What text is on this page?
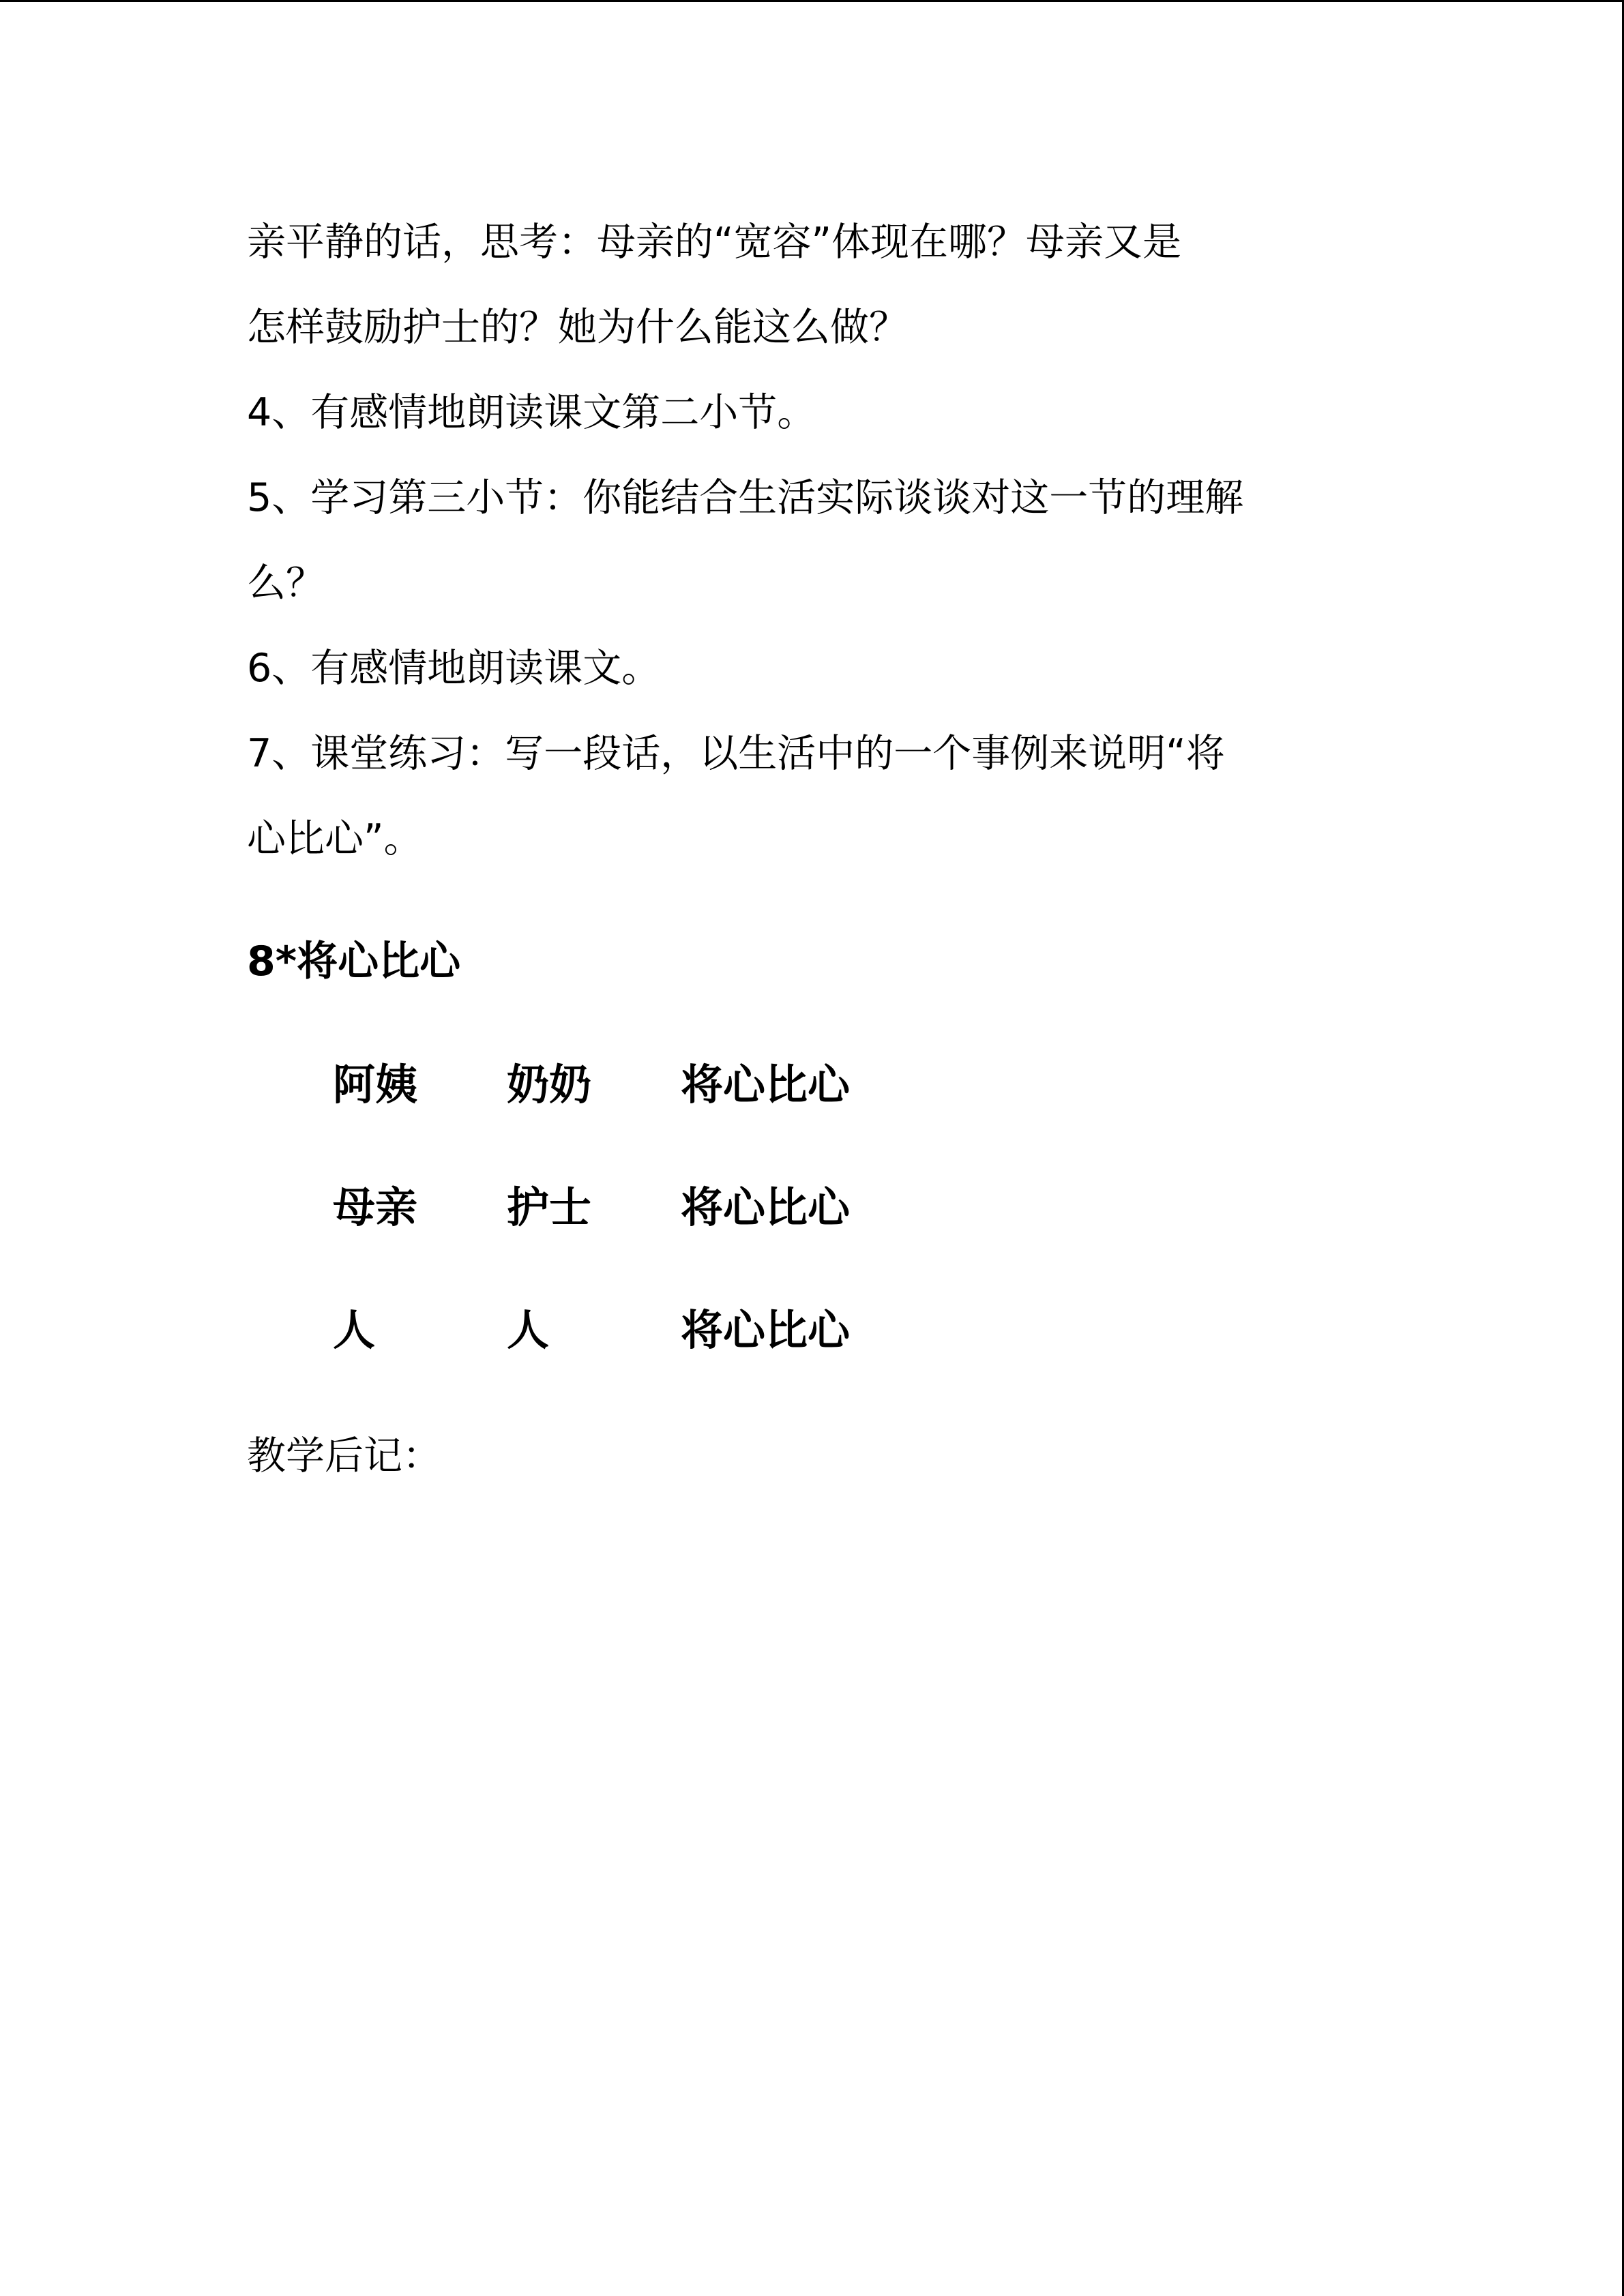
亲平静的话，思考：母亲的“宽容”体现在哪？母亲又是
怎样鼓励护士的？她为什么能这么做？

4、有感情地朗读课文第二小节。

5、学习第三小节：你能结合生活实际谈谈对这一节的理解
么？

6、有感情地朗读课文。

7、课堂练习：写一段话，以生活中的一个事例来说明“将
心比心”。

8*将心比心
阿姨 奶奶 将心比心
母亲 护士 将心比心
人	人	将心比心

教学后记：
